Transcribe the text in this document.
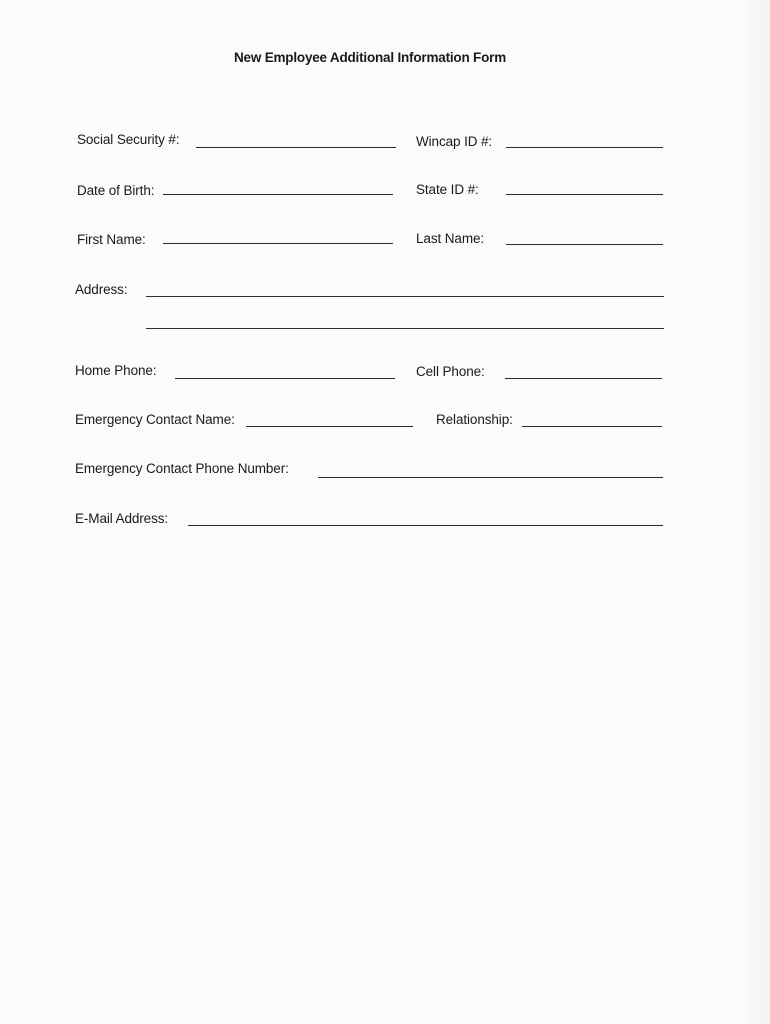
New Employee Additional Information Form
Social Security #:	Wincap ID #:
Date of Birth:	State ID #:
First Name:	Last Name:
Address:
Home Phone:	Cell Phone:
Emergency Contact Name:	Relationship:
Emergency Contact Phone Number:
E-Mail Address:
